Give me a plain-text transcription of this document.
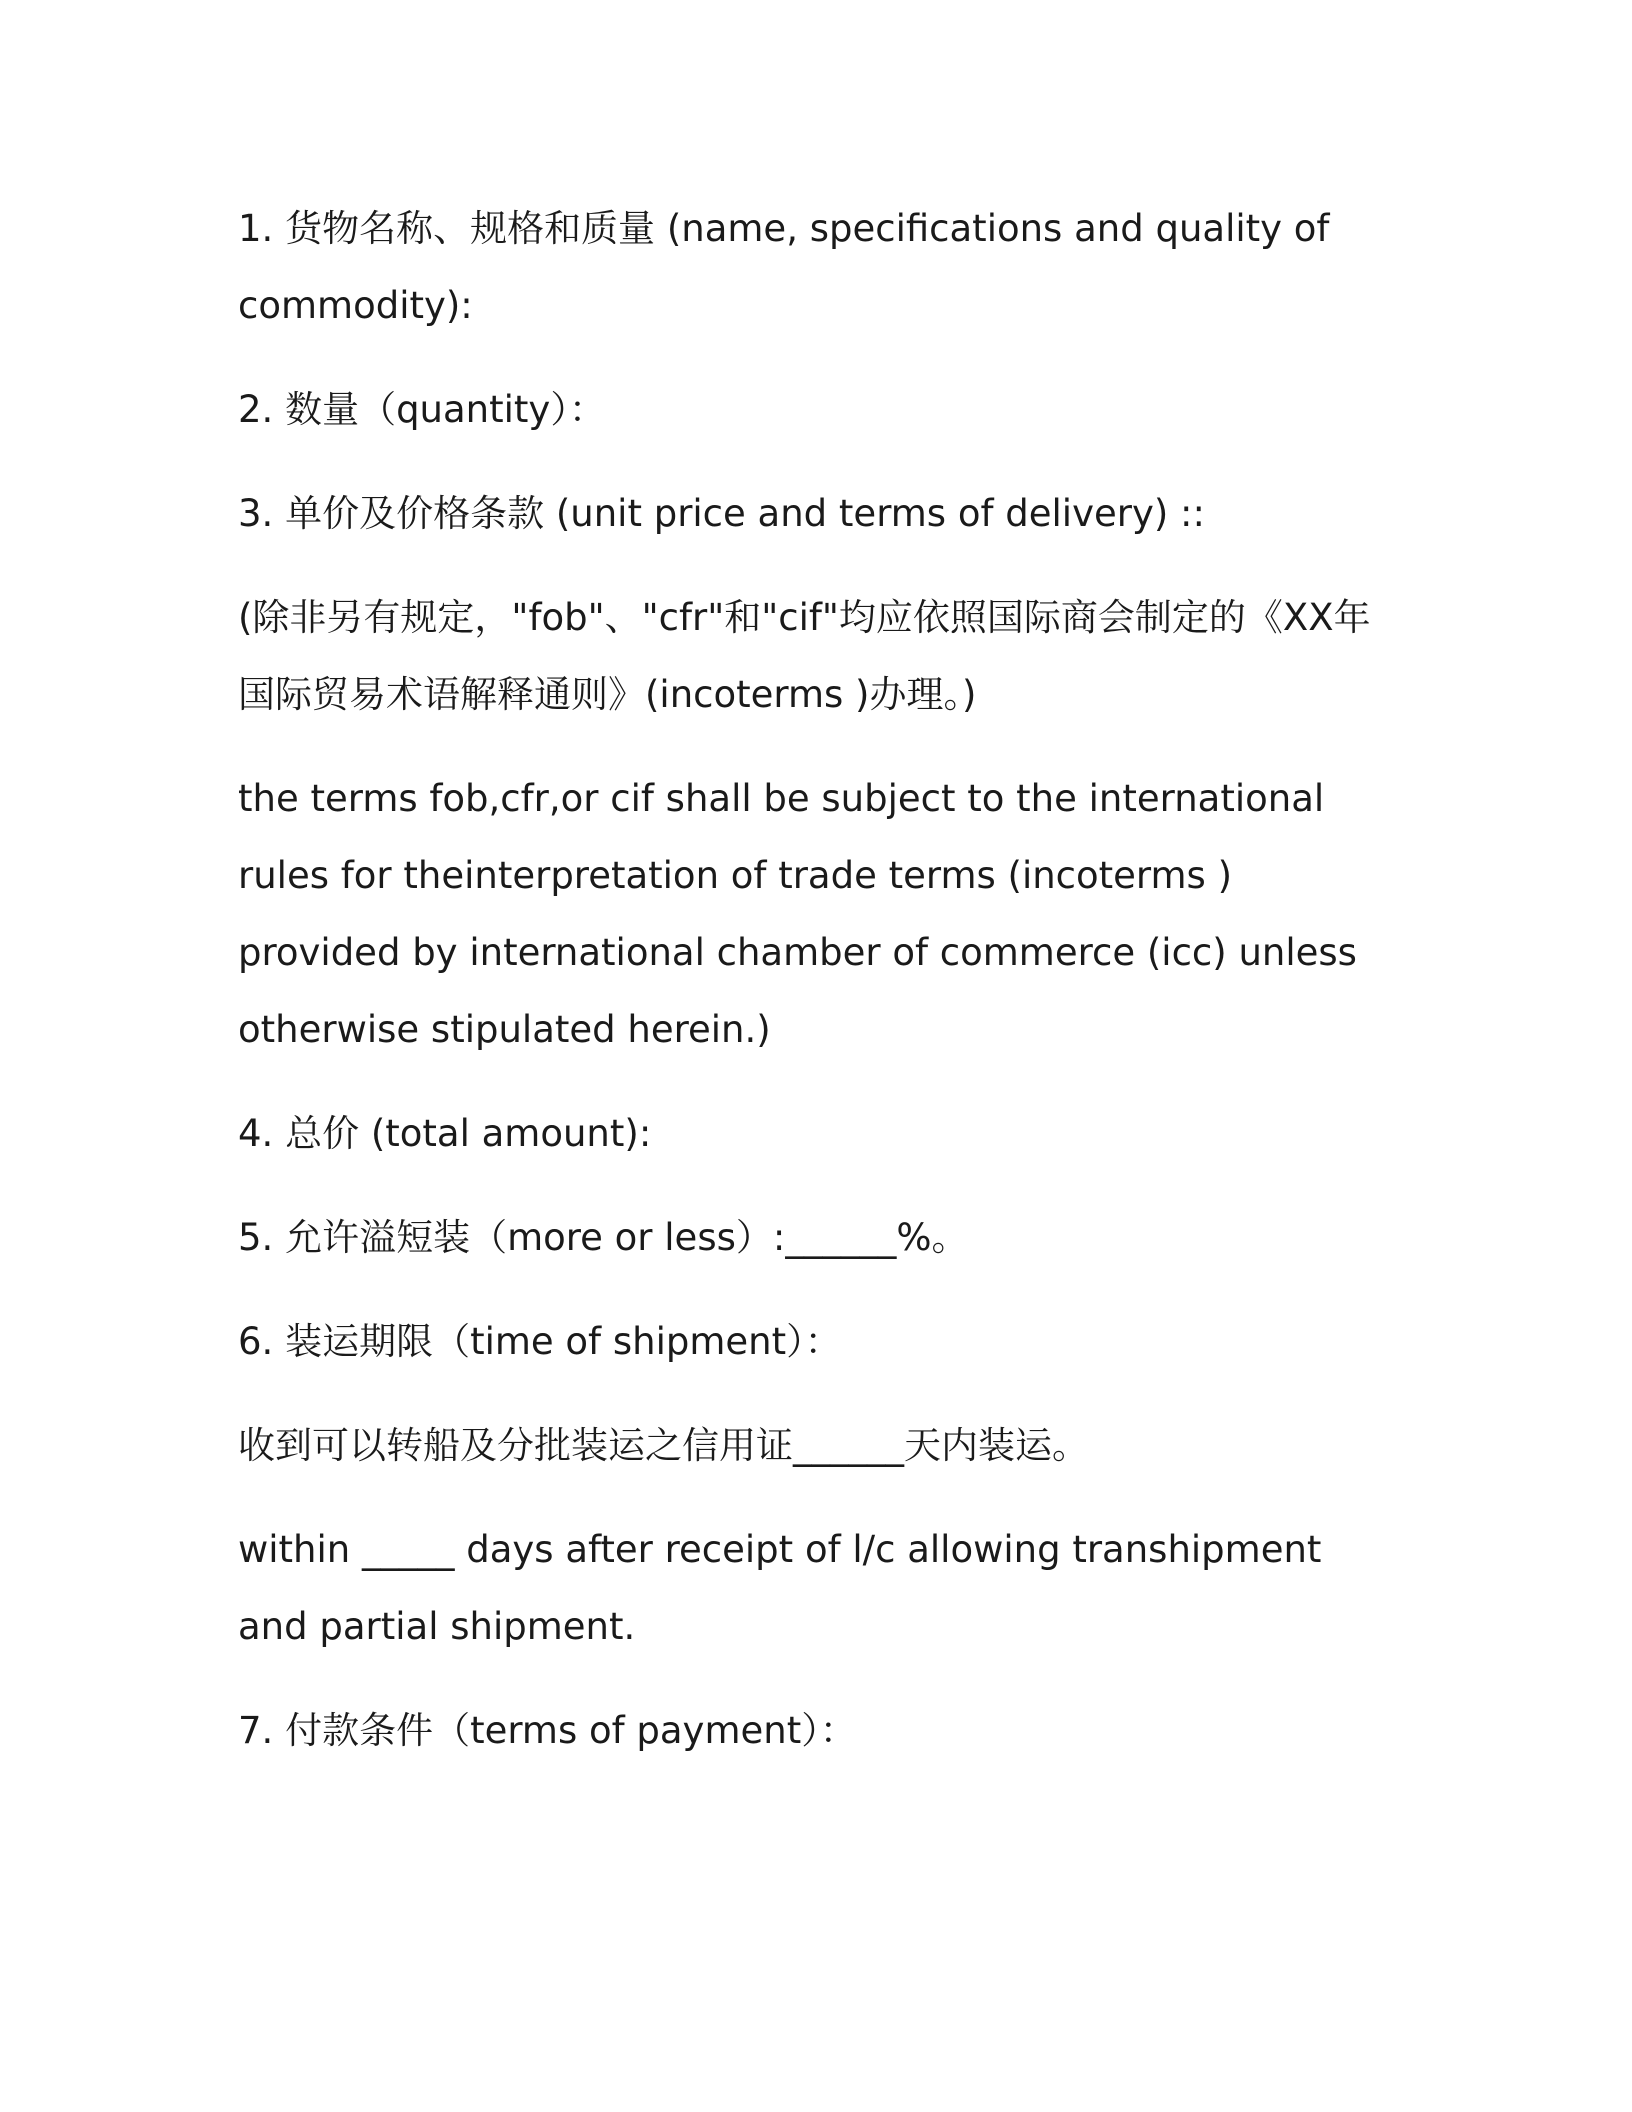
1. 货物名称、规格和质量 (name, specifications and quality of commodity):

2. 数量（quantity）：

3. 单价及价格条款 (unit price and terms of delivery) ::

(除非另有规定，"fob"、"cfr"和"cif"均应依照国际商会制定的《XX年国际贸易术语解释通则》(incoterms )办理。)

the terms fob,cfr,or cif shall be subject to the international rules for theinterpretation of trade terms (incoterms ) provided by international chamber of commerce (icc) unless otherwise stipulated herein.)

4. 总价 (total amount):

5. 允许溢短装（more or less）:______%。

6. 装运期限（time of shipment）：

收到可以转船及分批装运之信用证______天内装运。

within _____ days after receipt of l/c allowing transhipment and partial shipment.

7. 付款条件（terms of payment）：
